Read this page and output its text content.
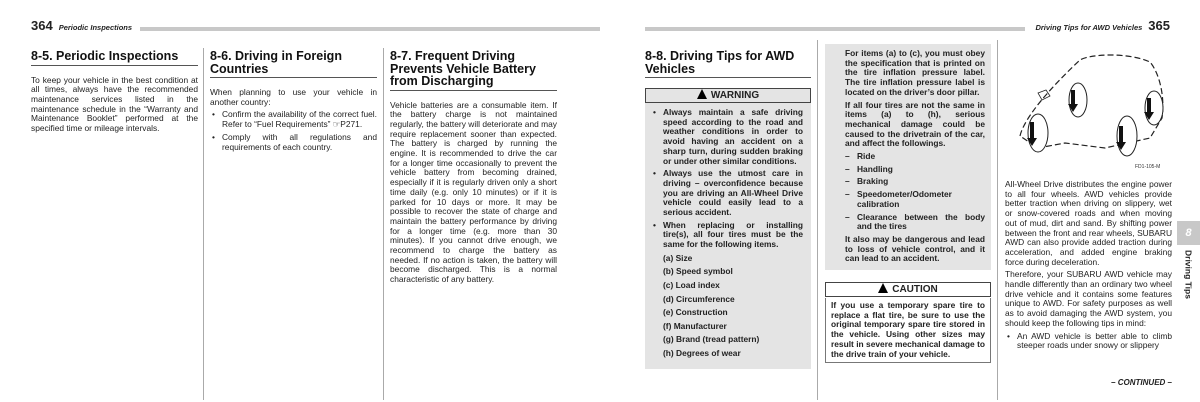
364 Periodic Inspections	Driving Tips for AWD Vehicles 365
8-5. Periodic Inspections

To keep your vehicle in the best condition at all times, always have the recommended maintenance services listed in the maintenance schedule in the “Warranty and Maintenance Booklet” performed at the specified time or mileage intervals.

8-6. Driving in Foreign Countries

When planning to use your vehicle in another country:

• Confirm the availability of the correct fuel. Refer to “Fuel Requirements” ☞P271.
• Comply with all regulations and requirements of each country.
8-7. Frequent Driving Prevents Vehicle Battery from Discharging

Vehicle batteries are a consumable item. If the battery charge is not maintained regularly, the battery will deteriorate and may require replacement sooner than expected. The battery is charged by running the engine. It is recommended to drive the car for a longer time occasionally to prevent the vehicle battery from becoming drained, especially if it is regularly driven only a short time daily (e.g. only 10 minutes) or if it is parked for 10 days or more. It may be possible to recover the state of charge and maintain the battery performance by driving for a longer time (e.g. more than 30 minutes). If you cannot drive enough, we recommend to charge the battery as needed. If no action is taken, the battery will become discharged. This is a normal characteristic of any battery.

8-8. Driving Tips for AWD Vehicles
WARNING
• Always maintain a safe driving speed according to the road and weather conditions in order to avoid having an accident on a sharp turn, during sudden braking or under other similar conditions.
• Always use the utmost care in driving – overconfidence because you are driving an All-Wheel Drive vehicle could easily lead to a serious accident.
• When replacing or installing tire(s), all four tires must be the same for the following items.
(a) Size
(b) Speed symbol
(c) Load index
(d) Circumference
(e) Construction
(f) Manufacturer
(g) Brand (tread pattern)
(h) Degrees of wear

For items (a) to (c), you must obey the specification that is printed on the tire inflation pressure label. The tire inflation pressure label is located on the driver’s door pillar.

If all four tires are not the same in items (a) to (h), serious mechanical damage could be caused to the drivetrain of the car, and affect the followings.

– Ride
– Handling
– Braking
– Speedometer/Odometer calibration
– Clearance between the body and the tires

It also may be dangerous and lead to loss of vehicle control, and it can lead to an accident.

CAUTION
If you use a temporary spare tire to replace a flat tire, be sure to use the original temporary spare tire stored in the vehicle. Using other sizes may result in severe mechanical damage to the drive train of your vehicle.
FD1-105-M

All-Wheel Drive distributes the engine power to all four wheels. AWD vehicles provide better traction when driving on slippery, wet or snow-covered roads and when moving out of mud, dirt and sand. By shifting power between the front and rear wheels, SUBARU AWD can also provide added traction during acceleration, and added engine braking force during deceleration.

Therefore, your SUBARU AWD vehicle may handle differently than an ordinary two wheel drive vehicle and it contains some features unique to AWD. For safety purposes as well as to avoid damaging the AWD system, you should keep the following tips in mind:

• An AWD vehicle is better able to climb steeper roads under snowy or slippery
– CONTINUED –
8
Driving Tips
